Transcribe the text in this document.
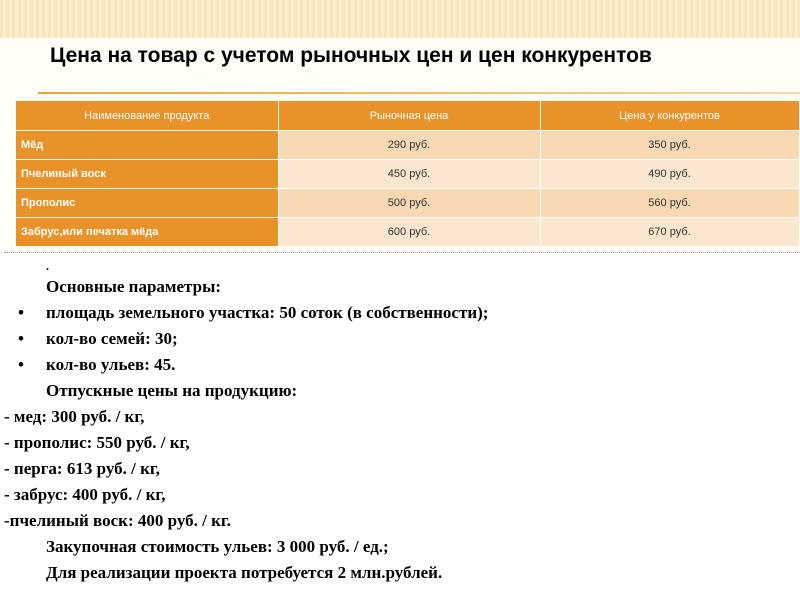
Цена на товар с учетом рыночных цен и цен конкурентов
Наименование продукта	Рыночная цена	Цена у конкурентов
Мёд	290 руб.	350 руб.
Пчелиный воск	450 руб.	490 руб.
Прополис	500 руб.	560 руб.
Забрус,или печатка мёда	600 руб.	670 руб.
.
Основные параметры:
• площадь земельного участка: 50 соток (в собственности);
• кол-во семей: 30;
• кол-во ульев: 45.
Отпускные цены на продукцию:
- мед: 300 руб. / кг,
- прополис: 550 руб. / кг,
- перга: 613 руб. / кг,
- забрус: 400 руб. / кг,
-пчелиный воск: 400 руб. / кг.
Закупочная стоимость ульев: 3 000 руб. / ед.;
Для реализации проекта потребуется 2 млн.рублей.
